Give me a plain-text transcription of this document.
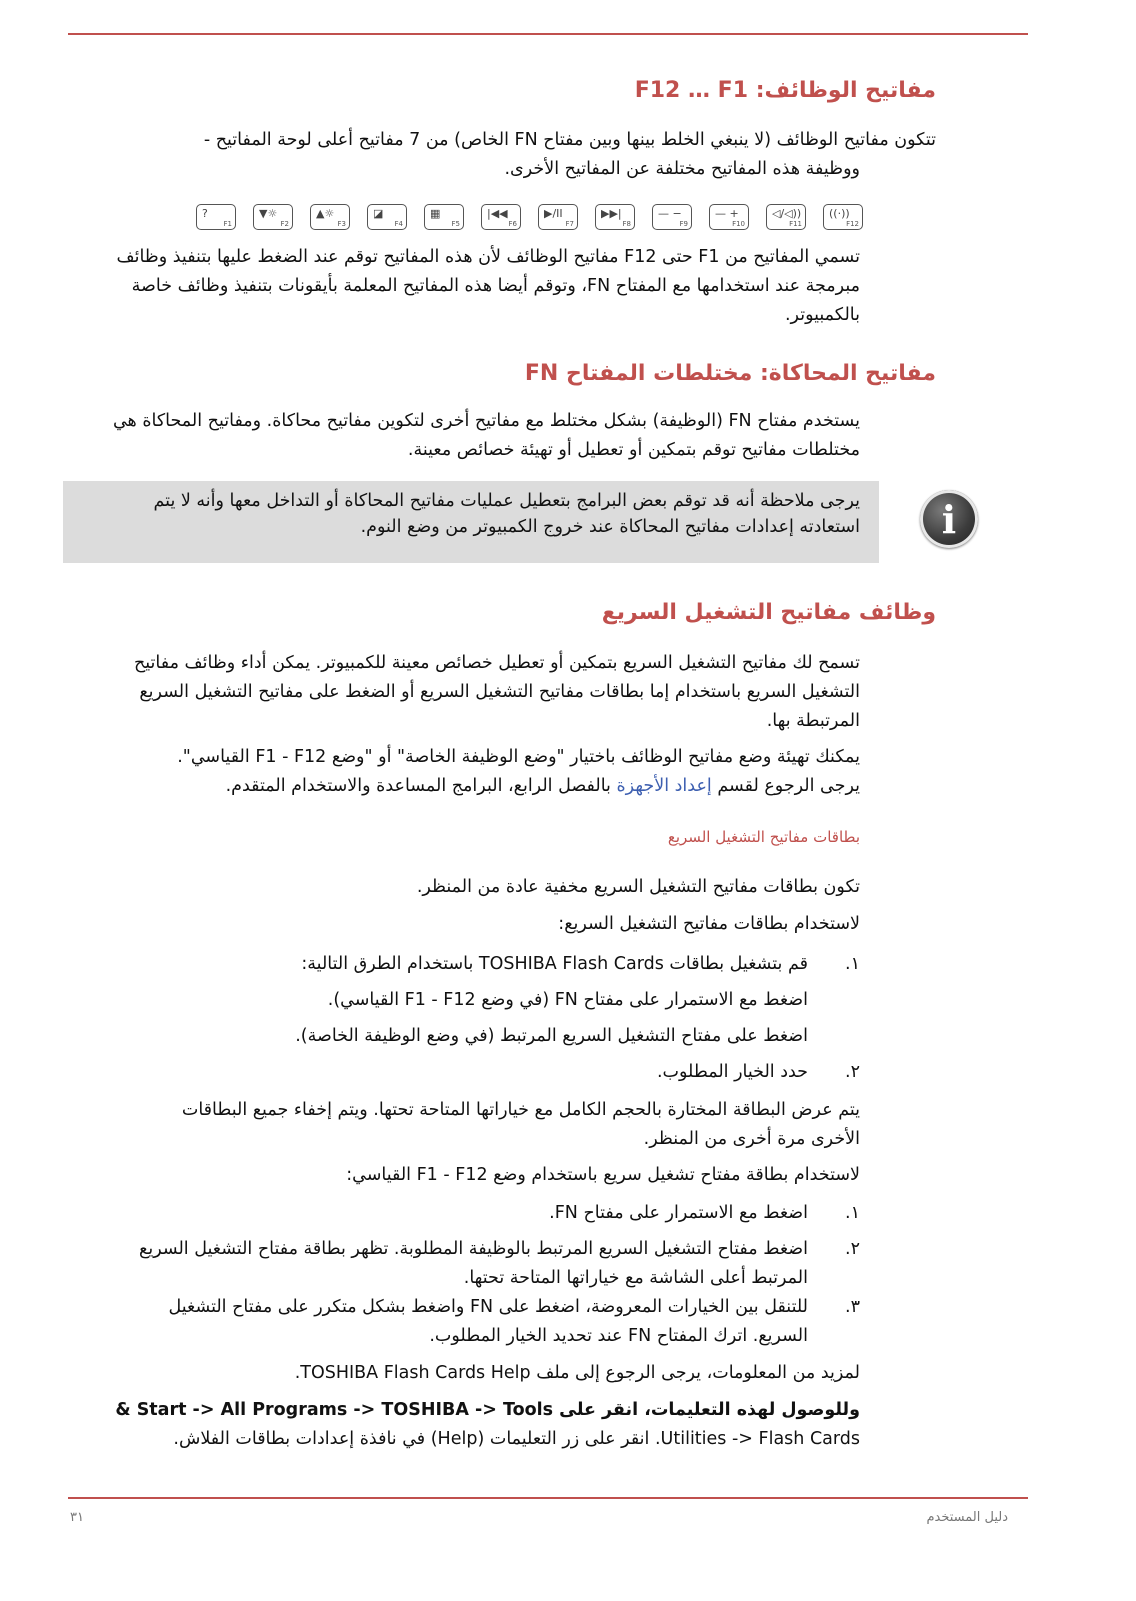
مفاتيح الوظائف: F12 … F1
تتكون مفاتيح الوظائف (لا ينبغي الخلط بينها وبين مفتاح FN الخاص) من 7 مفاتيح أعلى لوحة المفاتيح -
ووظيفة هذه المفاتيح مختلفة عن المفاتيح الأخرى.
?
F1
▼☼
F2
▲☼
F3
◪
F4
▦
F5
|◀◀
F6
▶/II
F7
▶▶|
F8
— −
F9
— +
F10
◁/◁))
F11
((·))
F12
تسمي المفاتيح من F1 حتى F12 مفاتيح الوظائف لأن هذه المفاتيح توقم عند الضغط عليها بتنفيذ وظائف
مبرمجة عند استخدامها مع المفتاح FN، وتوقم أيضا هذه المفاتيح المعلمة بأيقونات بتنفيذ وظائف خاصة
بالكمبيوتر.
مفاتيح المحاكاة: مختلطات المفتاح FN
يستخدم مفتاح FN (الوظيفة) بشكل مختلط مع مفاتيح أخرى لتكوين مفاتيح محاكاة. ومفاتيح المحاكاة هي
مختلطات مفاتيح توقم بتمكين أو تعطيل أو تهيئة خصائص معينة.
يرجى ملاحظة أنه قد توقم بعض البرامج بتعطيل عمليات مفاتيح المحاكاة أو التداخل معها وأنه لا يتم
استعادته إعدادات مفاتيح المحاكاة عند خروج الكمبيوتر من وضع النوم.	i
وظائف مفاتيح التشغيل السريع
تسمح لك مفاتيح التشغيل السريع بتمكين أو تعطيل خصائص معينة للكمبيوتر. يمكن أداء وظائف مفاتيح
التشغيل السريع باستخدام إما بطاقات مفاتيح التشغيل السريع أو الضغط على مفاتيح التشغيل السريع
المرتبطة بها.
يمكنك تهيئة وضع مفاتيح الوظائف باختيار "وضع الوظيفة الخاصة" أو "وضع F1 - F12 القياسي".
يرجى الرجوع لقسم إعداد الأجهزة بالفصل الرابع، البرامج المساعدة والاستخدام المتقدم.
بطاقات مفاتيح التشغيل السريع
تكون بطاقات مفاتيح التشغيل السريع مخفية عادة من المنظر.
لاستخدام بطاقات مفاتيح التشغيل السريع:
قم بتشغيل بطاقات TOSHIBA Flash Cards باستخدام الطرق التالية: .١
اضغط مع الاستمرار على مفتاح FN (في وضع F1 - F12 القياسي).
اضغط على مفتاح التشغيل السريع المرتبط (في وضع الوظيفة الخاصة).
حدد الخيار المطلوب. .٢
يتم عرض البطاقة المختارة بالحجم الكامل مع خياراتها المتاحة تحتها. ويتم إخفاء جميع البطاقات
الأخرى مرة أخرى من المنظر.
لاستخدام بطاقة مفتاح تشغيل سريع باستخدام وضع F1 - F12 القياسي:
اضغط مع الاستمرار على مفتاح FN. .١
اضغط مفتاح التشغيل السريع المرتبط بالوظيفة المطلوبة. تظهر بطاقة مفتاح التشغيل السريع .٢
المرتبط أعلى الشاشة مع خياراتها المتاحة تحتها.
للتنقل بين الخيارات المعروضة، اضغط على FN واضغط بشكل متكرر على مفتاح التشغيل .٣
السريع. اترك المفتاح FN عند تحديد الخيار المطلوب.
لمزيد من المعلومات، يرجى الرجوع إلى ملف TOSHIBA Flash Cards Help.
وللوصول لهذه التعليمات، انقر على Start -> All Programs -> TOSHIBA -> Tools &
Utilities -> Flash Cards. انقر على زر التعليمات (Help) في نافذة إعدادات بطاقات الفلاش.
٣١	دليل المستخدم
